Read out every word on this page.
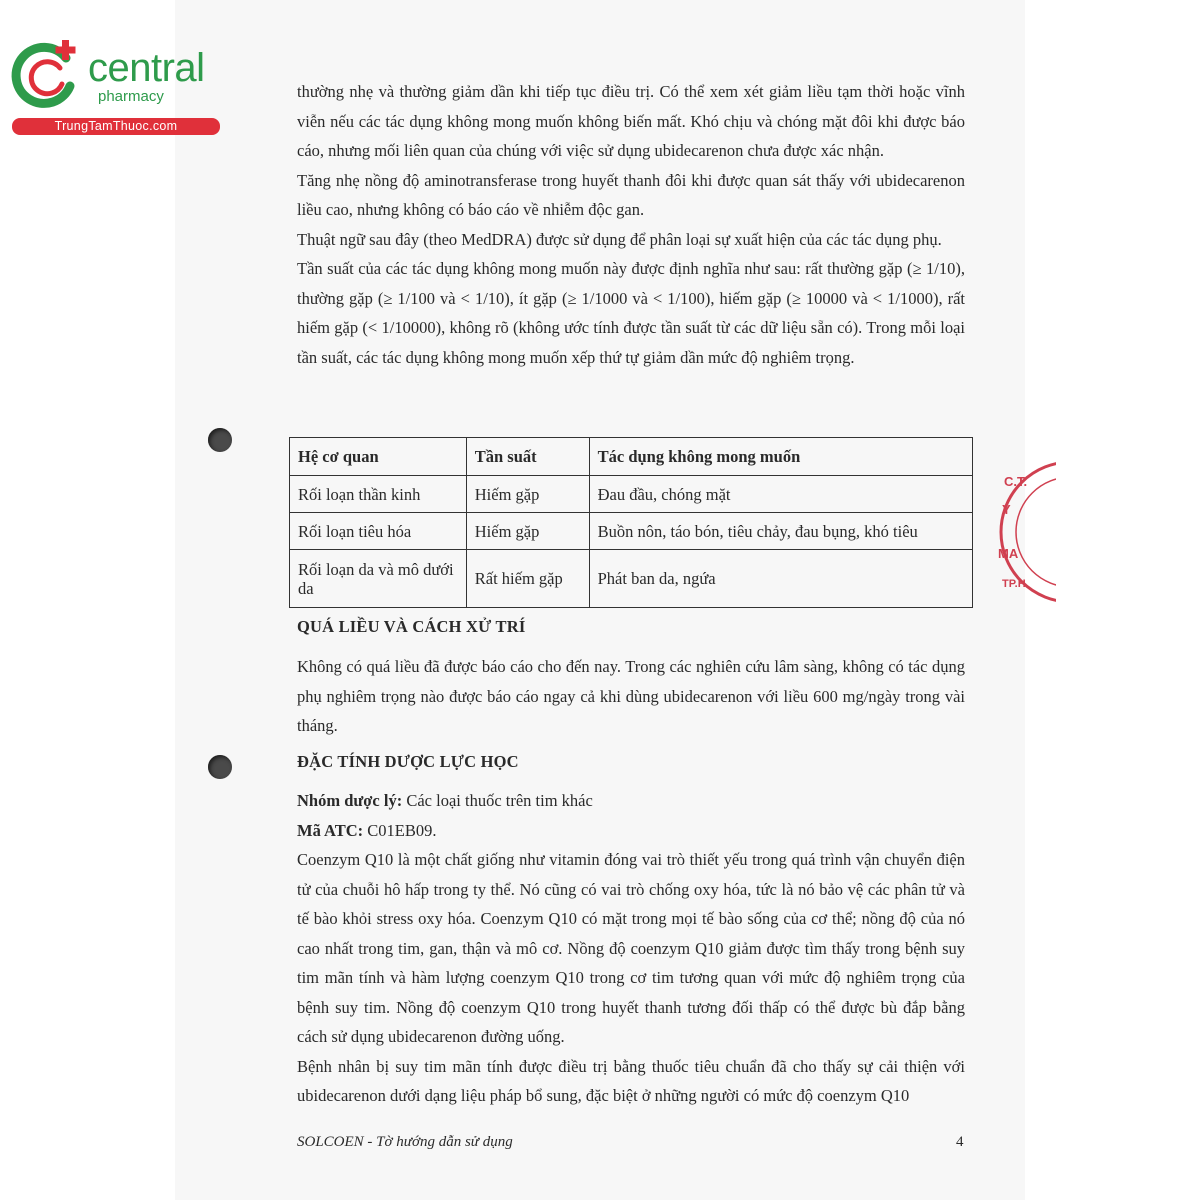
central
pharmacy
TrungTamThuoc.com

thường nhẹ và thường giảm dần khi tiếp tục điều trị. Có thể xem xét giảm liều tạm thời hoặc vĩnh viễn nếu các tác dụng không mong muốn không biến mất. Khó chịu và chóng mặt đôi khi được báo cáo, nhưng mối liên quan của chúng với việc sử dụng ubidecarenon chưa được xác nhận.

Tăng nhẹ nồng độ aminotransferase trong huyết thanh đôi khi được quan sát thấy với ubidecarenon liều cao, nhưng không có báo cáo về nhiễm độc gan.

Thuật ngữ sau đây (theo MedDRA) được sử dụng để phân loại sự xuất hiện của các tác dụng phụ.

Tần suất của các tác dụng không mong muốn này được định nghĩa như sau: rất thường gặp (≥ 1/10), thường gặp (≥ 1/100 và < 1/10), ít gặp (≥ 1/1000 và < 1/100), hiếm gặp (≥ 10000 và < 1/1000), rất hiếm gặp (< 1/10000), không rõ (không ước tính được tần suất từ các dữ liệu sẵn có). Trong mỗi loại tần suất, các tác dụng không mong muốn xếp thứ tự giảm dần mức độ nghiêm trọng.

Hệ cơ quan	Tần suất	Tác dụng không mong muốn
Rối loạn thần kinh	Hiếm gặp	Đau đầu, chóng mặt
Rối loạn tiêu hóa	Hiếm gặp	Buồn nôn, táo bón, tiêu chảy, đau bụng, khó tiêu
Rối loạn da và mô dưới da	Rất hiếm gặp	Phát ban da, ngứa
C.T.
Y
MA
TP.H
QUÁ LIỀU VÀ CÁCH XỬ TRÍ

Không có quá liều đã được báo cáo cho đến nay. Trong các nghiên cứu lâm sàng, không có tác dụng phụ nghiêm trọng nào được báo cáo ngay cả khi dùng ubidecarenon với liều 600 mg/ngày trong vài tháng.

ĐẶC TÍNH DƯỢC LỰC HỌC

Nhóm dược lý: Các loại thuốc trên tim khác

Mã ATC: C01EB09.

Coenzym Q10 là một chất giống như vitamin đóng vai trò thiết yếu trong quá trình vận chuyển điện tử của chuỗi hô hấp trong ty thể. Nó cũng có vai trò chống oxy hóa, tức là nó bảo vệ các phân tử và tế bào khỏi stress oxy hóa. Coenzym Q10 có mặt trong mọi tế bào sống của cơ thể; nồng độ của nó cao nhất trong tim, gan, thận và mô cơ. Nồng độ coenzym Q10 giảm được tìm thấy trong bệnh suy tim mãn tính và hàm lượng coenzym Q10 trong cơ tim tương quan với mức độ nghiêm trọng của bệnh suy tim. Nồng độ coenzym Q10 trong huyết thanh tương đối thấp có thể được bù đắp bằng cách sử dụng ubidecarenon đường uống.

Bệnh nhân bị suy tim mãn tính được điều trị bằng thuốc tiêu chuẩn đã cho thấy sự cải thiện với ubidecarenon dưới dạng liệu pháp bổ sung, đặc biệt ở những người có mức độ coenzym Q10

SOLCOEN - Tờ hướng dẫn sử dụng	4
